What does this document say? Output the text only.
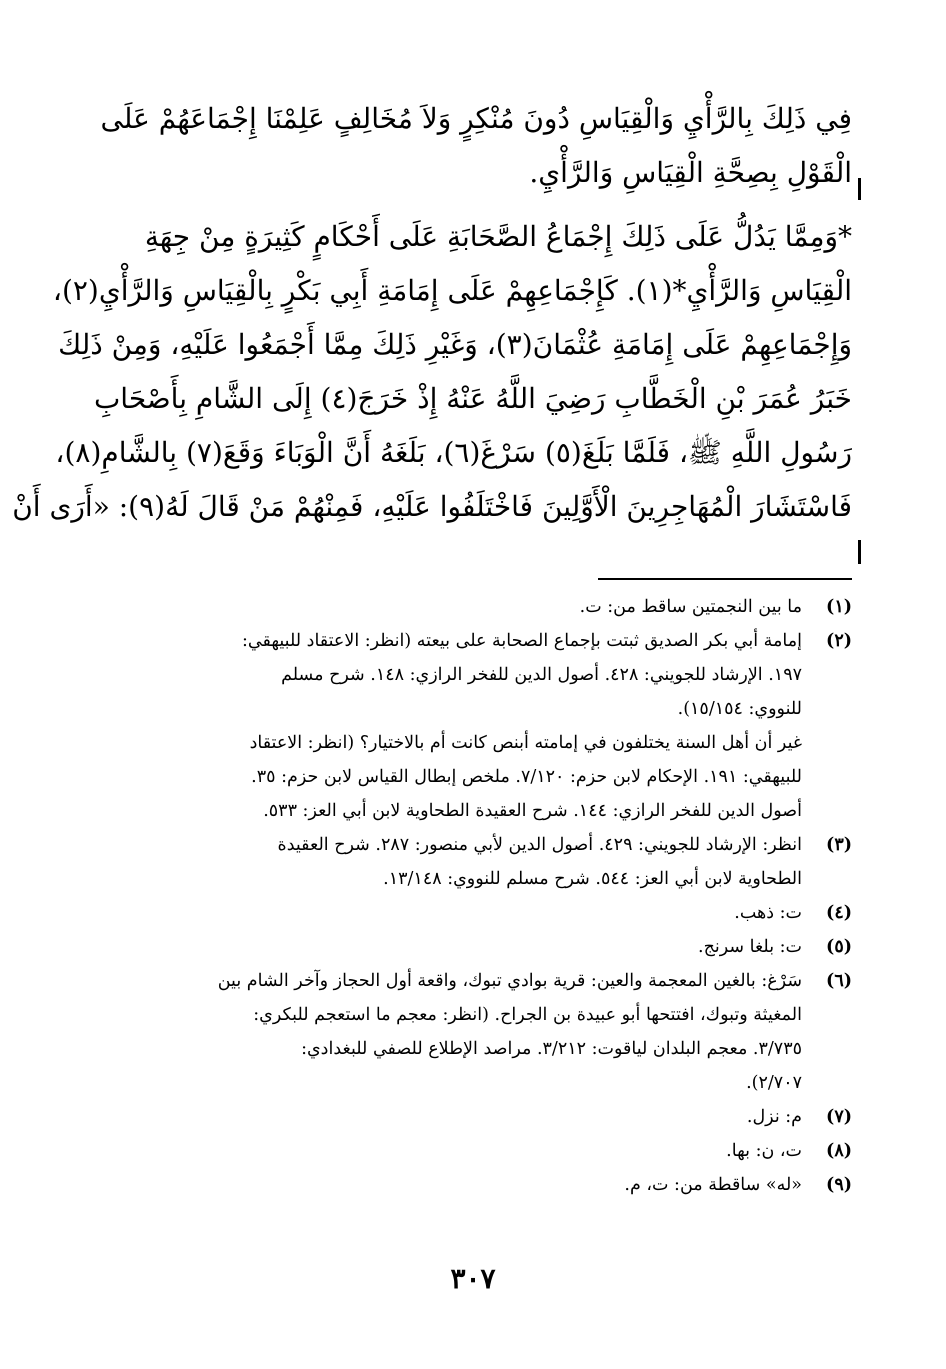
فِي ذَلِكَ بِالرَّأْيِ وَالْقِيَاسِ دُونَ مُنْكِرٍ وَلاَ مُخَالِفٍ عَلِمْنَا إِجْمَاعَهُمْ عَلَى
الْقَوْلِ بِصِحَّةِ الْقِيَاسِ وَالرَّأْيِ.
*وَمِمَّا يَدُلُّ عَلَى ذَلِكَ إِجْمَاعُ الصَّحَابَةِ عَلَى أَحْكَامٍ كَثِيرَةٍ مِنْ جِهَةِ
الْقِيَاسِ وَالرَّأْيِ*(١). كَإِجْمَاعِهِمْ عَلَى إِمَامَةِ أَبِي بَكْرٍ بِالْقِيَاسِ وَالرَّأْيِ(٢)،
وَإِجْمَاعِهِمْ عَلَى إِمَامَةِ عُثْمَانَ(٣)، وَغَيْرِ ذَلِكَ مِمَّا أَجْمَعُوا عَلَيْهِ، وَمِنْ ذَلِكَ
خَبَرُ عُمَرَ بْنِ الْخَطَّابِ رَضِيَ اللَّهُ عَنْهُ إِذْ خَرَجَ(٤) إِلَى الشَّامِ بِأَصْحَابِ
رَسُولِ اللَّهِ ﷺ، فَلَمَّا بَلَغَ(٥) سَرْغَ(٦)، بَلَغَهُ أَنَّ الْوَبَاءَ وَقَعَ(٧) بِالشَّامِ(٨)،
فَاسْتَشَارَ الْمُهَاجِرِينَ الْأَوَّلِينَ فَاخْتَلَفُوا عَلَيْهِ، فَمِنْهُمْ مَنْ قَالَ لَهُ(٩): «أَرَى أَنْ
(١)
ما بين النجمتين ساقط من: ت.
(٢)
إمامة أبي بكر الصديق ثبتت بإجماع الصحابة على بيعته (انظر: الاعتقاد للبيهقي:
١٩٧. الإرشاد للجويني: ٤٢٨. أصول الدين للفخر الرازي: ١٤٨. شرح مسلم
للنووي: ١٥/١٥٤).
غير أن أهل السنة يختلفون في إمامته أبنص كانت أم بالاختيار؟ (انظر: الاعتقاد
للبيهقي: ١٩١. الإحكام لابن حزم: ٧/١٢٠. ملخص إبطال القياس لابن حزم: ٣٥.
أصول الدين للفخر الرازي: ١٤٤. شرح العقيدة الطحاوية لابن أبي العز: ٥٣٣.
(٣)
انظر: الإرشاد للجويني: ٤٢٩. أصول الدين لأبي منصور: ٢٨٧. شرح العقيدة
الطحاوية لابن أبي العز: ٥٤٤. شرح مسلم للنووي: ١٣/١٤٨.
(٤)
ت: ذهب.
(٥)
ت: بلغا سرنج.
(٦)
سَرْغ: بالغين المعجمة والعين: قرية بوادي تبوك، واقعة أول الحجاز وآخر الشام بين
المغيثة وتبوك، افتتحها أبو عبيدة بن الجراح. (انظر: معجم ما استعجم للبكري:
٣/٧٣٥. معجم البلدان لياقوت: ٣/٢١٢. مراصد الإطلاع للصفي للبغدادي:
٢/٧٠٧).
(٧)
م: نزل.
(٨)
ت، ن: بها.
(٩)
«له» ساقطة من: ت، م.
٣٠٧
